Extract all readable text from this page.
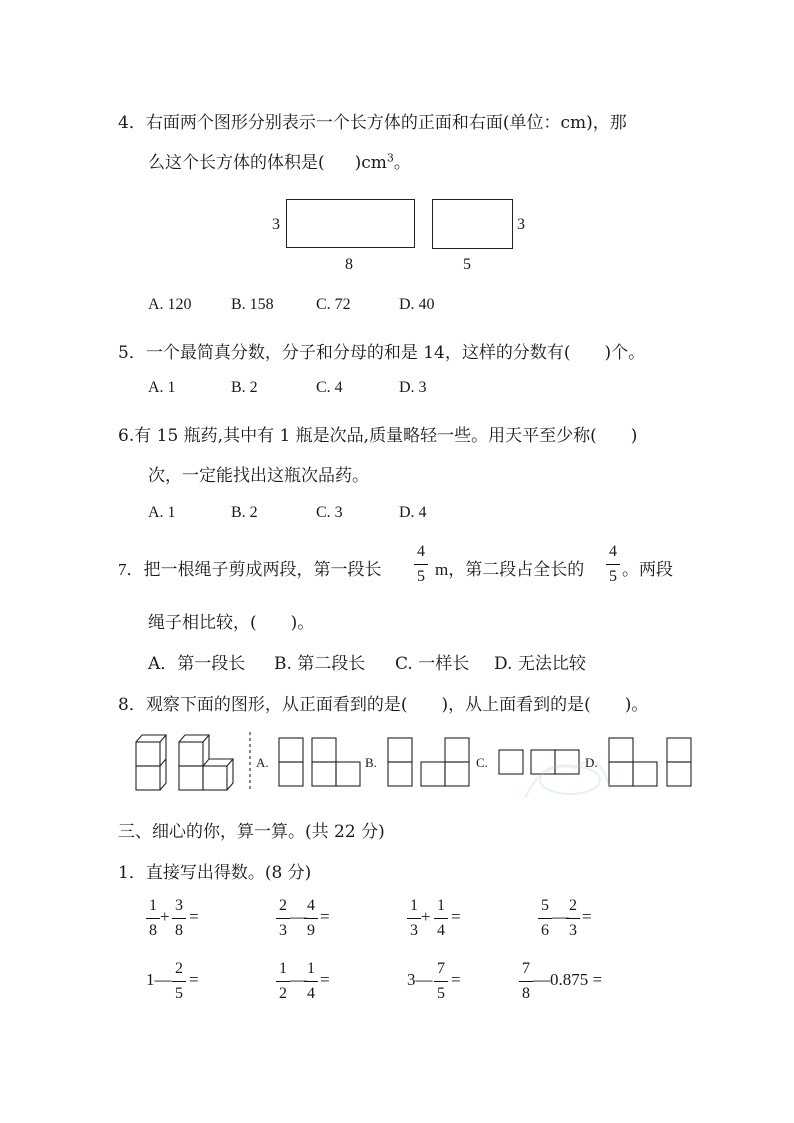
4．右面两个图形分别表示一个长方体的正面和右面(单位：cm)，那
么这个长方体的体积是( )$cm^3$。
3
8
3
5
A. 120 B. 158	C. 72	D. 40
5．一个最简真分数，分子和分母的和是 14，这样的分数有(　　)个。
A. 1	B. 2	C. 4	D. 3
6.有 15 瓶药,其中有 1 瓶是次品,质量略轻一些。用天平至少称(　　)
次，一定能找出这瓶次品药。
A. 1	B. 2	C. 3	D. 4
7．把一根绳子剪成两段，第一段长
4
5 m，第二段占全长的
4
5 。两段
绳子相比较，(　　)。
A．第一段长 B. 第二段长 C. 一样长 D. 无法比较
8．观察下面的图形，从正面看到的是(　　)，从上面看到的是(　　)。
A.	B.	C.	D.
三、细心的你，算一算。(共 22 分)
1．直接写出得数。(8 分)
1
8
+
3
8
=
2
3
—
4
9
=
1
3
+
1
4
=
5
6
—
2
3
=
1—
2
5
=
1
2
—
1
4
=	3—
7
5
=
7
8
—0.875 =
